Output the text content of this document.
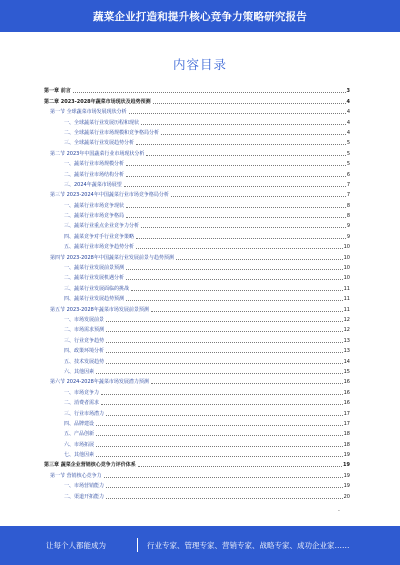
蔬菜企业打造和提升核心竞争力策略研究报告
内容目录
第一章 前言	3
第二章 2023-2028年蔬菜市场现状及趋势预测	4
第一节 全球蔬菜市场发展现状分析	4
一、全球蔬菜行业发展历程和现状	4
二、全球蔬菜行业市场规模和竞争格局分析	4
三、全球蔬菜行业发展趋势分析	5
第二节 2023年中国蔬菜行业市场现状分析	5
一、蔬菜行业市场规模分析	5
二、蔬菜行业市场结构分析	6
三、2024年蔬菜市场展望	7
第三节 2023-2024年中国蔬菜行业市场竞争格局分析	7
一、蔬菜行业市场竞争现状	8
二、蔬菜行业市场竞争格局	8
三、蔬菜行业重点企业竞争力分析	9
四、蔬菜竞争对手行业竞争策略	9
五、蔬菜行业市场竞争趋势分析	10
第四节 2023-2028年中国蔬菜行业发展前景与趋势预测	10
一、蔬菜行业发展前景预测	10
二、蔬菜行业发展机遇分析	10
三、蔬菜行业发展面临的挑战	11
四、蔬菜行业发展趋势预测	11
第五节 2023-2028年蔬菜市场发展前景预测	11
一、市场发展前景	12
二、市场需求预测	12
三、行业竞争趋势	13
四、政策环境分析	13
五、技术发展趋势	14
六、其他因素	15
第六节 2024-2028年蔬菜市场发展潜力预测	16
一、市场竞争力	16
二、消费者需求	16
三、行业市场潜力	17
四、品牌建设	17
五、产品创新	18
六、市场拓展	18
七、其他因素	19
第三章 蔬菜企业营销核心竞争力评价体系	19
第一节 营销核心竞争力	19
一、市场营销能力	19
二、渠道开拓能力	20
-
让每个人都能成为	行业专家、管理专家、营销专家、战略专家、成功企业家……
